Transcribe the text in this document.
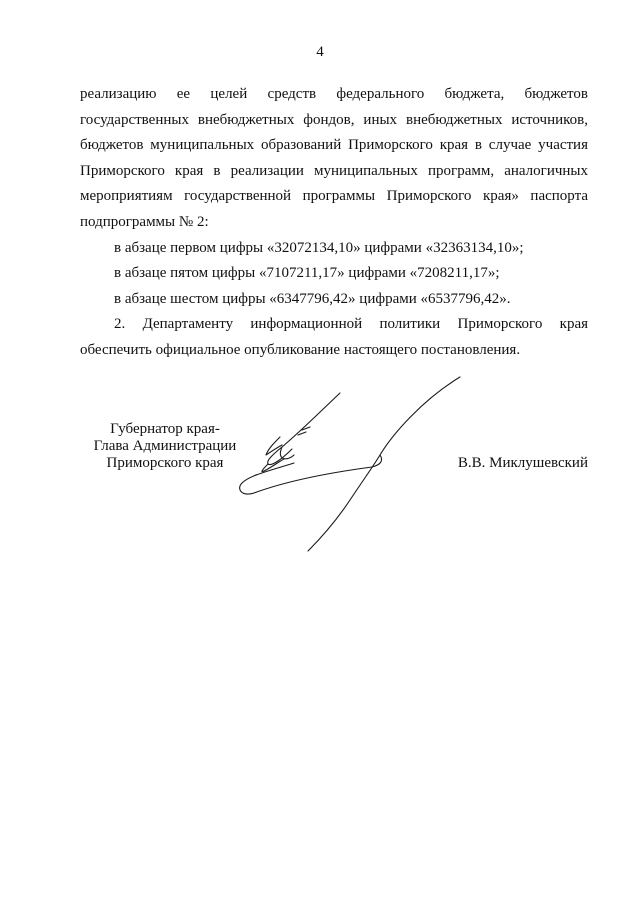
4

реализацию ее целей средств федерального бюджета, бюджетов государственных внебюджетных фондов, иных внебюджетных источников, бюджетов муниципальных образований Приморского края в случае участия Приморского края в реализации муниципальных программ, аналогичных мероприятиям государственной программы Приморского края» паспорта подпрограммы № 2:

в абзаце первом цифры «32072134,10» цифрами «32363134,10»;

в абзаце пятом цифры «7107211,17» цифрами «7208211,17»;

в абзаце шестом цифры «6347796,42» цифрами «6537796,42».

2. Департаменту информационной политики Приморского края обеспечить официальное опубликование настоящего постановления.

Губернатор края-
Глава Администрации
Приморского края	В.В. Миклушевский
